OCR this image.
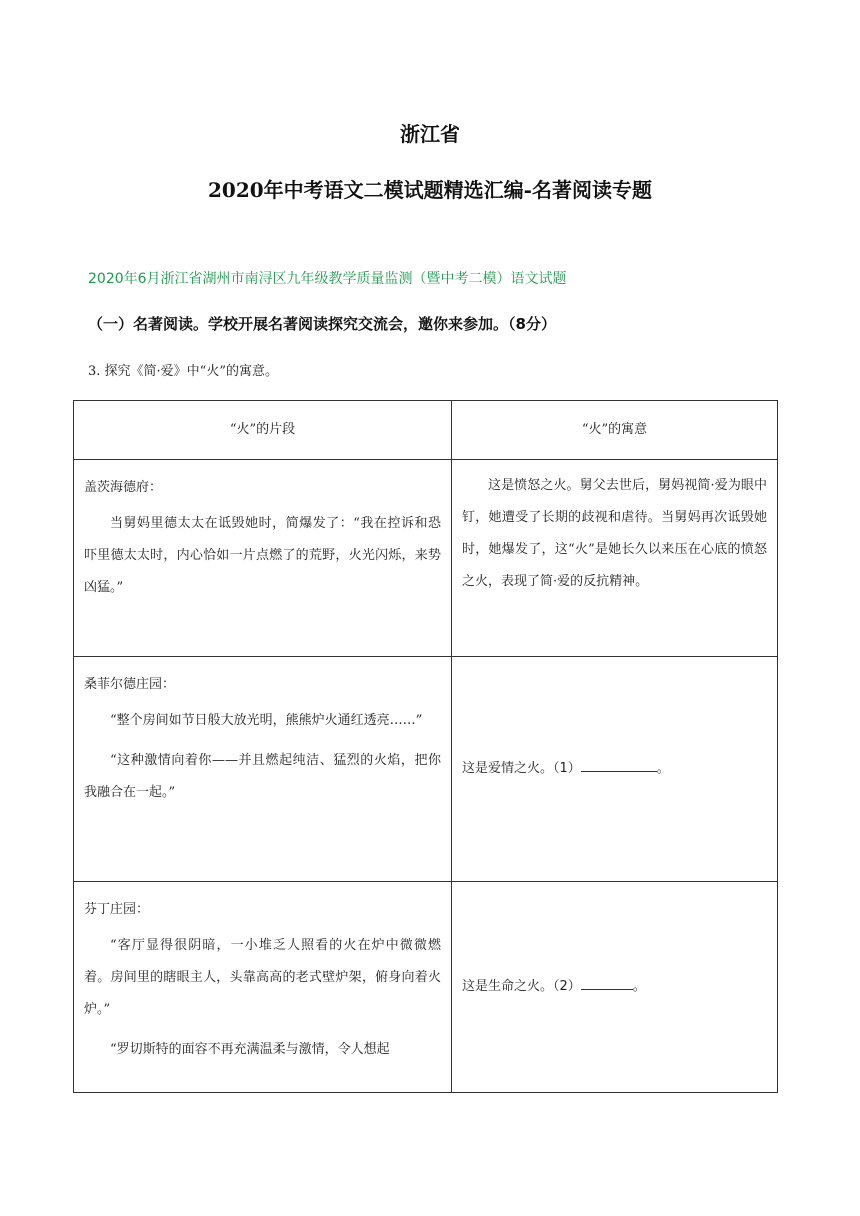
浙江省
2020年中考语文二模试题精选汇编-名著阅读专题
2020年6月浙江省湖州市南浔区九年级教学质量监测（暨中考二模）语文试题
（一）名著阅读。学校开展名著阅读探究交流会，邀你来参加。（8分）
3. 探究《简·爱》中“火”的寓意。
“火”的片段	“火”的寓意

盖茨海德府：

当舅妈里德太太在诋毁她时，简爆发了：“我在控诉和恐吓里德太太时，内心恰如一片点燃了的荒野，火光闪烁，来势凶猛。”	这是愤怒之火。舅父去世后，舅妈视简·爱为眼中钉，她遭受了长期的歧视和虐待。当舅妈再次诋毁她时，她爆发了，这“火”是她长久以来压在心底的愤怒之火，表现了简·爱的反抗精神。

桑菲尔德庄园：

“整个房间如节日般大放光明，熊熊炉火通红透亮……”

“这种激情向着你——并且燃起纯洁、猛烈的火焰，把你我融合在一起。”	这是爱情之火。（1） 。

芬丁庄园：

“客厅显得很阴暗，一小堆乏人照看的火在炉中微微燃着。房间里的瞎眼主人，头靠高高的老式壁炉架，俯身向着火炉。”

“罗切斯特的面容不再充满温柔与激情，令人想起	这是生命之火。（2） 。
